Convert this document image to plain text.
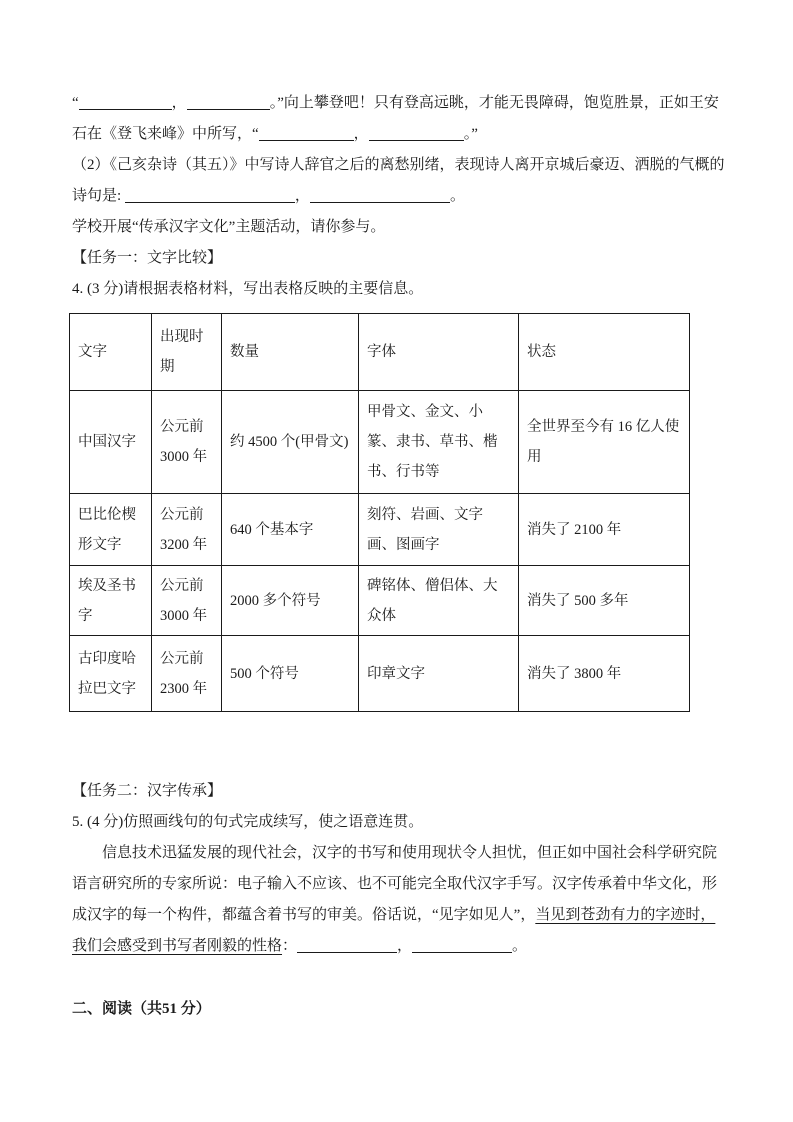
“	，	。”向上攀登吧！只有登高远眺，才能无畏障碍，饱览胜景，正如王安石在《登飞来峰》中所写，“	，	。”

（2）《己亥杂诗（其五）》中写诗人辞官之后的离愁别绪，表现诗人离开京城后豪迈、洒脱的气概的诗句是:	，	。

学校开展“传承汉字文化”主题活动，请你参与。

【任务一：文字比较】

4. (3 分)请根据表格材料，写出表格反映的主要信息。

文字	出现时期	数量	字体	状态
中国汉字	公元前 3000 年	约 4500 个(甲骨文)	甲骨文、金文、小篆、隶书、草书、楷书、行书等	全世界至今有 16 亿人使用
巴比伦楔形文字	公元前 3200 年	640 个基本字	刻符、岩画、文字画、图画字	消失了 2100 年
埃及圣书字	公元前 3000 年	2000 多个符号	碑铭体、僧侣体、大众体	消失了 500 多年
古印度哈拉巴文字	公元前 2300 年	500 个符号	印章文字	消失了 3800 年

【任务二：汉字传承】

5. (4 分)仿照画线句的句式完成续写，使之语意连贯。

信息技术迅猛发展的现代社会，汉字的书写和使用现状令人担忧，但正如中国社会科学研究院语言研究所的专家所说：电子输入不应该、也不可能完全取代汉字手写。汉字传承着中华文化，形成汉字的每一个构件，都蕴含着书写的审美。俗话说，“见字如见人”，当见到苍劲有力的字迹时，我们会感受到书写者刚毅的性格：	，	。

二、阅读（共51 分）
